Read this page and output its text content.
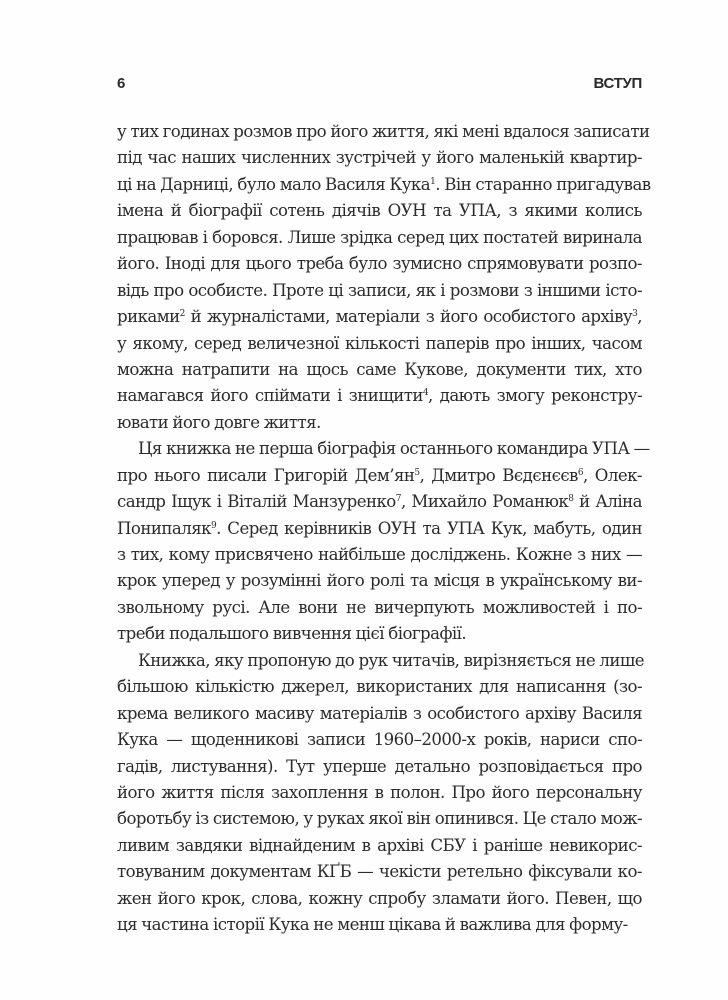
6	ВСТУП
у тих годинах розмов про його життя, які мені вдалося записати
під час наших численних зустрічей у його маленькій квартир-
ці на Дарниці, було мало Василя Кука$^1$. Він старанно пригадував
імена й біографії сотень діячів ОУН та УПА, з якими колись
працював і боровся. Лише зрідка серед цих постатей виринала
його. Іноді для цього треба було зумисно спрямовувати розпо-
відь про особисте. Проте ці записи, як і розмови з іншими істо-
риками$^2$ й журналістами, матеріали з його особистого архіву$^3$,
у якому, серед величезної кількості паперів про інших, часом
можна натрапити на щось саме Кукове, документи тих, хто
намагався його спіймати і знищити$^4$, дають змогу реконстру-
ювати його довге життя.
Ця книжка не перша біографія останнього командира УПА —
про нього писали Григорій $Дем’ян^5$, Дмитро Вєдєнєєв$^6$, Олек-
сандр Іщук і Віталій Манзуренко$^7$, Михайло Романюк$^8$ й Аліна
Понипаляк$^9$. Серед керівників ОУН та УПА Кук, мабуть, один
з тих, кому присвячено найбільше досліджень. Кожне з них —
крок уперед у розумінні його ролі та місця в українському ви-
звольному русі. Але вони не вичерпують можливостей і по-
треби подальшого вивчення цієї біографії.
Книжка, яку пропоную до рук читачів, вирізняється не лише
більшою кількістю джерел, використаних для написання (зо-
крема великого масиву матеріалів з особистого архіву Василя
Кука — щоденникові записи 1960–2000-х років, нариси спо-
гадів, листування). Тут уперше детально розповідається про
його життя після захоплення в полон. Про його персональну
боротьбу із системою, у руках якої він опинився. Це стало мож-
ливим завдяки віднайденим в архіві СБУ і раніше невикорис-
товуваним документам КҐБ — чекісти ретельно фіксували ко-
жен його крок, слова, кожну спробу зламати його. Певен, що
ця частина історії Кука не менш цікава й важлива для форму-
